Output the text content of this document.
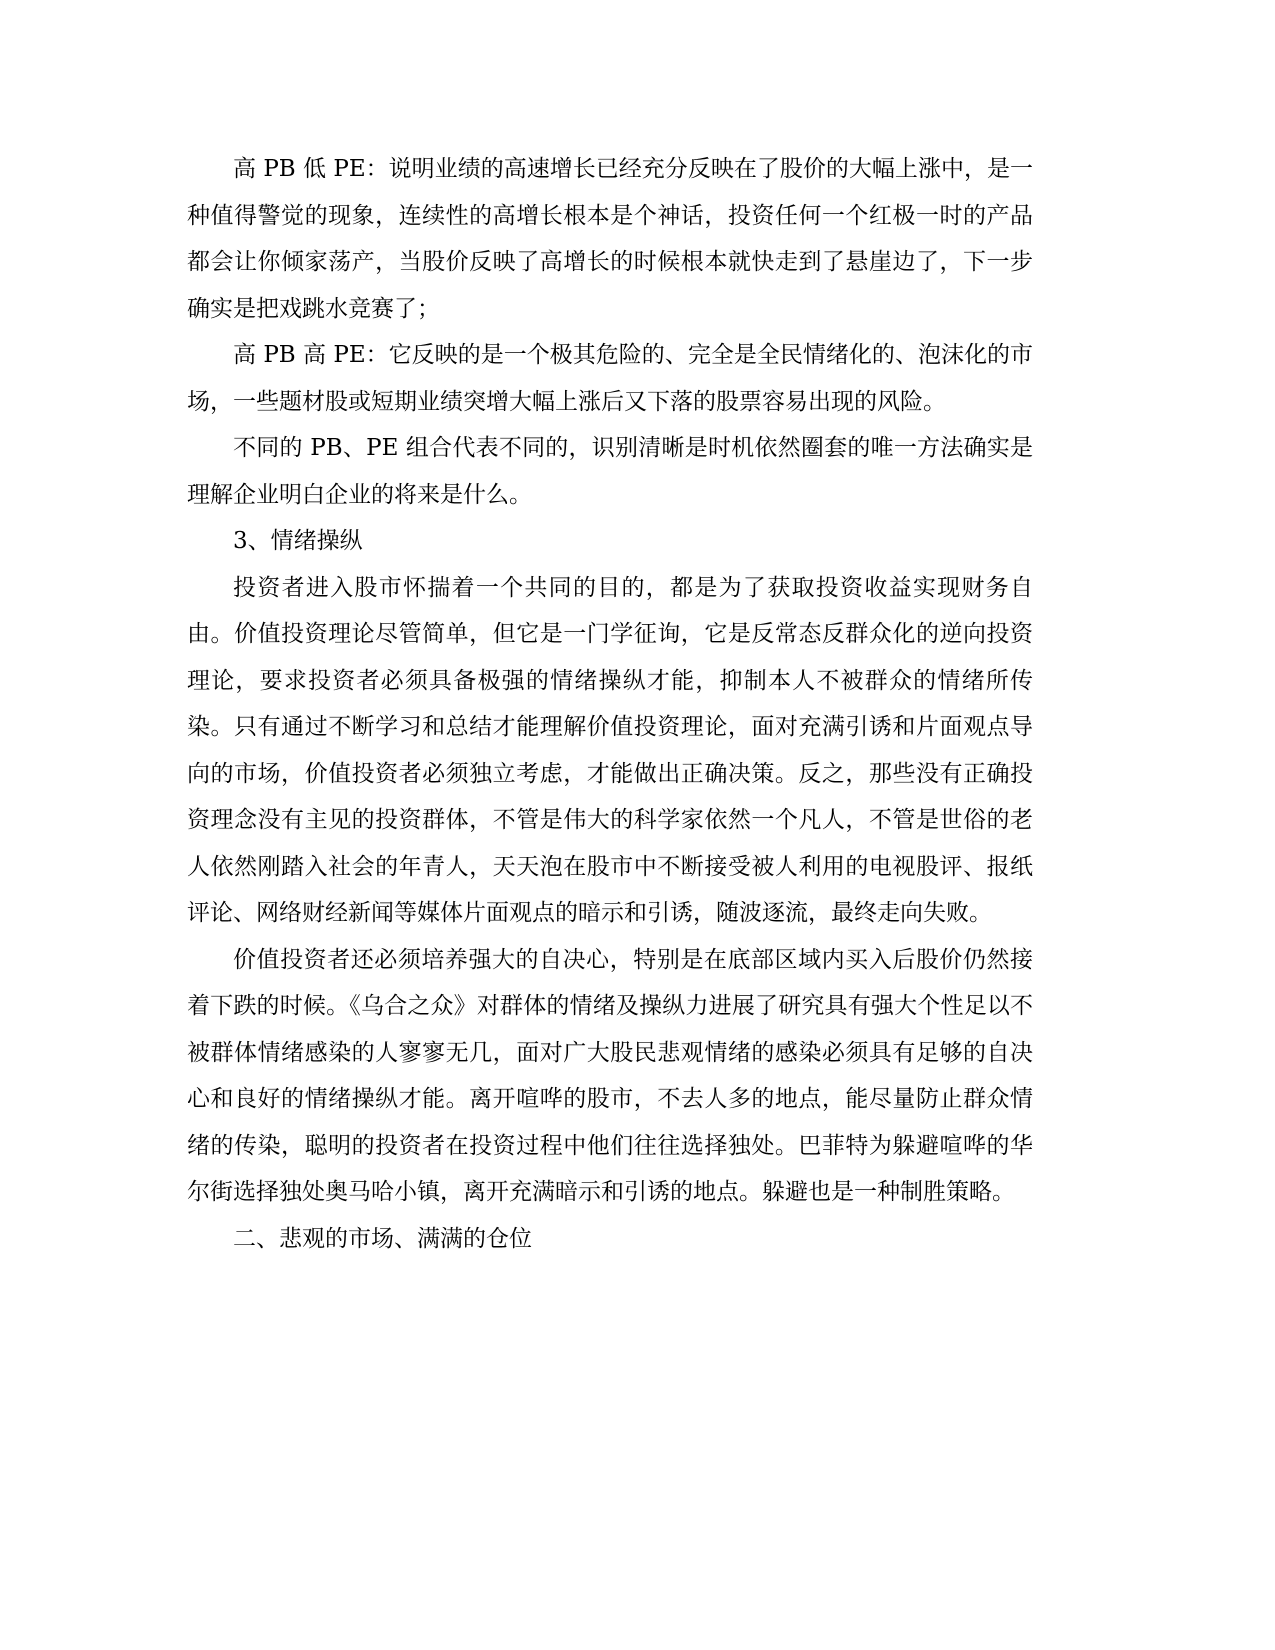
高 PB 低 PE：说明业绩的高速增长已经充分反映在了股价的大幅上涨中，是一种值得警觉的现象，连续性的高增长根本是个神话，投资任何一个红极一时的产品都会让你倾家荡产，当股价反映了高增长的时候根本就快走到了悬崖边了，下一步确实是把戏跳水竞赛了；

高 PB 高 PE：它反映的是一个极其危险的、完全是全民情绪化的、泡沫化的市场，一些题材股或短期业绩突增大幅上涨后又下落的股票容易出现的风险。

不同的 PB、PE 组合代表不同的，识别清晰是时机依然圈套的唯一方法确实是理解企业明白企业的将来是什么。

3、情绪操纵

投资者进入股市怀揣着一个共同的目的，都是为了获取投资收益实现财务自由。价值投资理论尽管简单，但它是一门学征询，它是反常态反群众化的逆向投资理论，要求投资者必须具备极强的情绪操纵才能，抑制本人不被群众的情绪所传染。只有通过不断学习和总结才能理解价值投资理论，面对充满引诱和片面观点导向的市场，价值投资者必须独立考虑，才能做出正确决策。反之，那些没有正确投资理念没有主见的投资群体，不管是伟大的科学家依然一个凡人，不管是世俗的老人依然刚踏入社会的年青人，天天泡在股市中不断接受被人利用的电视股评、报纸评论、网络财经新闻等媒体片面观点的暗示和引诱，随波逐流，最终走向失败。

价值投资者还必须培养强大的自决心，特别是在底部区域内买入后股价仍然接着下跌的时候。《乌合之众》对群体的情绪及操纵力进展了研究具有强大个性足以不被群体情绪感染的人寥寥无几，面对广大股民悲观情绪的感染必须具有足够的自决心和良好的情绪操纵才能。离开喧哗的股市，不去人多的地点，能尽量防止群众情绪的传染，聪明的投资者在投资过程中他们往往选择独处。巴菲特为躲避喧哗的华尔街选择独处奥马哈小镇，离开充满暗示和引诱的地点。躲避也是一种制胜策略。

二、悲观的市场、满满的仓位
